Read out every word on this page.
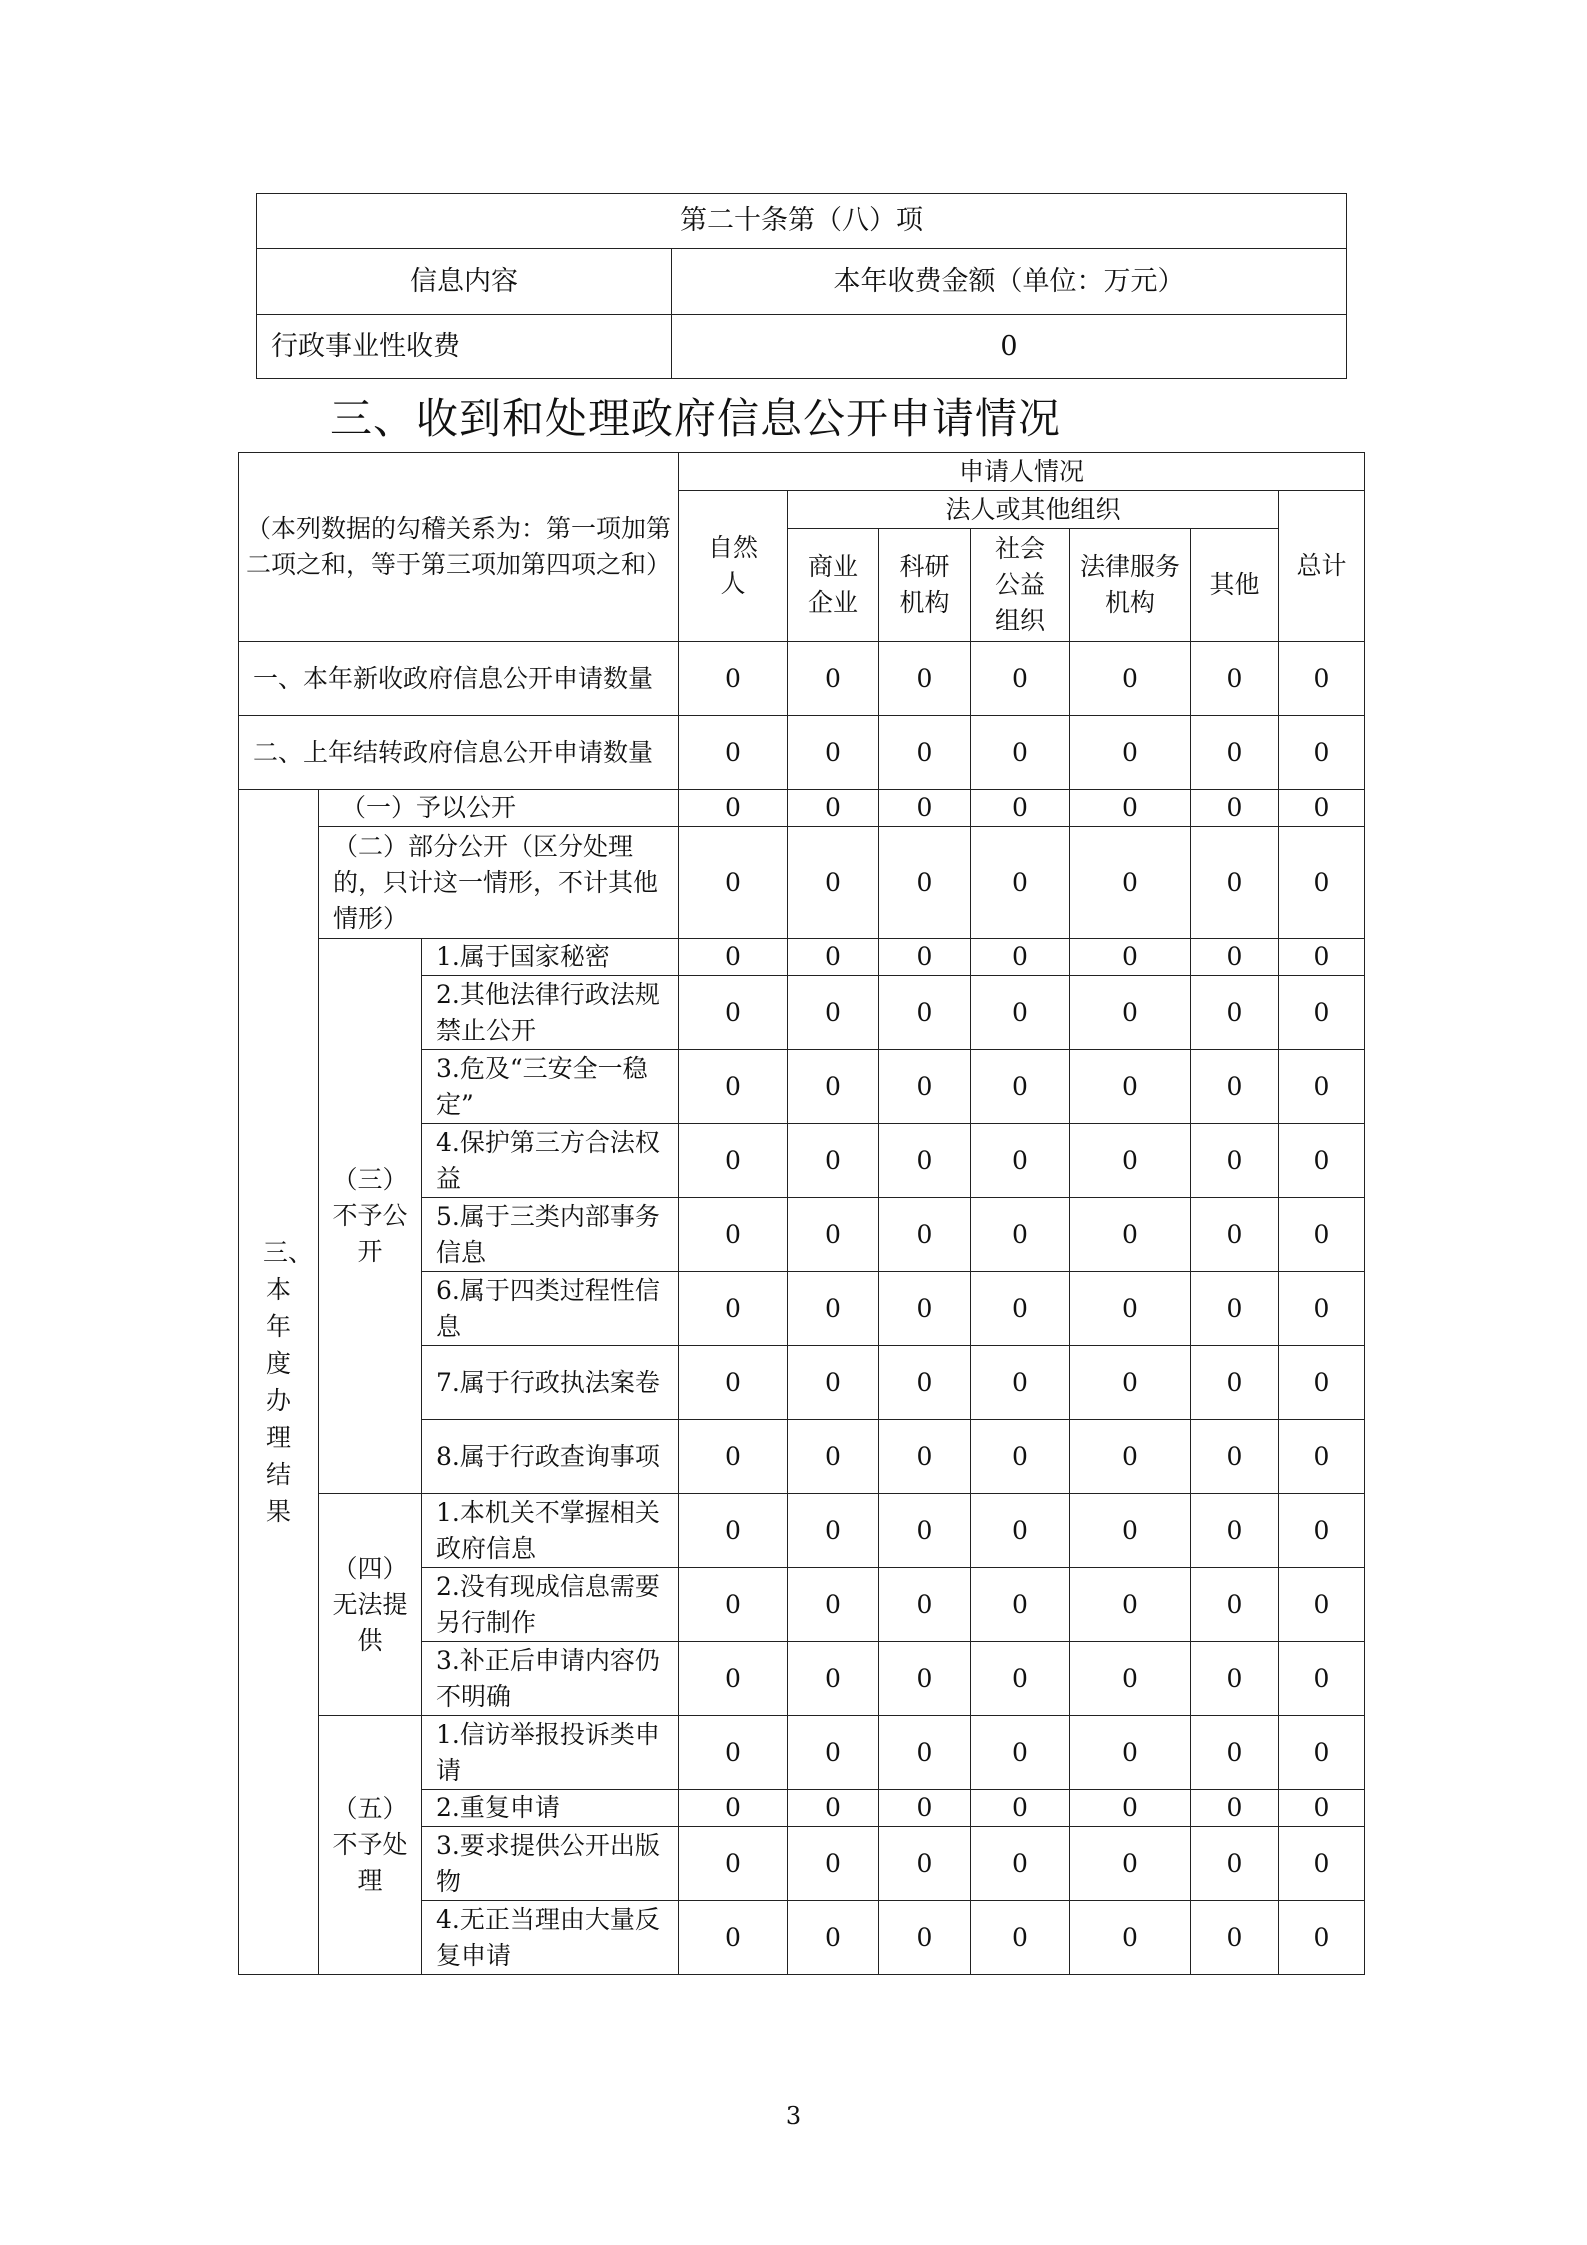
第二十条第（八）项	
信息内容	本年收费金额（单位：万元）
行政事业性收费	0
三、收到和处理政府信息公开申请情况
（本列数据的勾稽关系为：第一项加第二项之和，等于第三项加第四项之和）			申请人情况						
			自然人	法人或其他组织					总计
				商业企业	科研机构	社会公益组织	法律服务机构	其他	
一、本年新收政府信息公开申请数量			0	0	0	0	0	0	0
二、上年结转政府信息公开申请数量			0	0	0	0	0	0	0
三、本年度办理结果	（一）予以公开		0	0	0	0	0	0	0
	（二）部分公开（区分处理的，只计这一情形，不计其他情形）		0	0	0	0	0	0	0
	（三）不予公开	1.属于国家秘密	0	0	0	0	0	0	0
		2.其他法律行政法规禁止公开	0	0	0	0	0	0	0
		3.危及“三安全一稳定”	0	0	0	0	0	0	0
		4.保护第三方合法权益	0	0	0	0	0	0	0
		5.属于三类内部事务信息	0	0	0	0	0	0	0
		6.属于四类过程性信息	0	0	0	0	0	0	0
		7.属于行政执法案卷	0	0	0	0	0	0	0
		8.属于行政查询事项	0	0	0	0	0	0	0
	（四）无法提供	1.本机关不掌握相关政府信息	0	0	0	0	0	0	0
		2.没有现成信息需要另行制作	0	0	0	0	0	0	0
		3.补正后申请内容仍不明确	0	0	0	0	0	0	0
	（五）不予处理	1.信访举报投诉类申请	0	0	0	0	0	0	0
		2.重复申请	0	0	0	0	0	0	0
		3.要求提供公开出版物	0	0	0	0	0	0	0
		4.无正当理由大量反复申请	0	0	0	0	0	0	0
3
